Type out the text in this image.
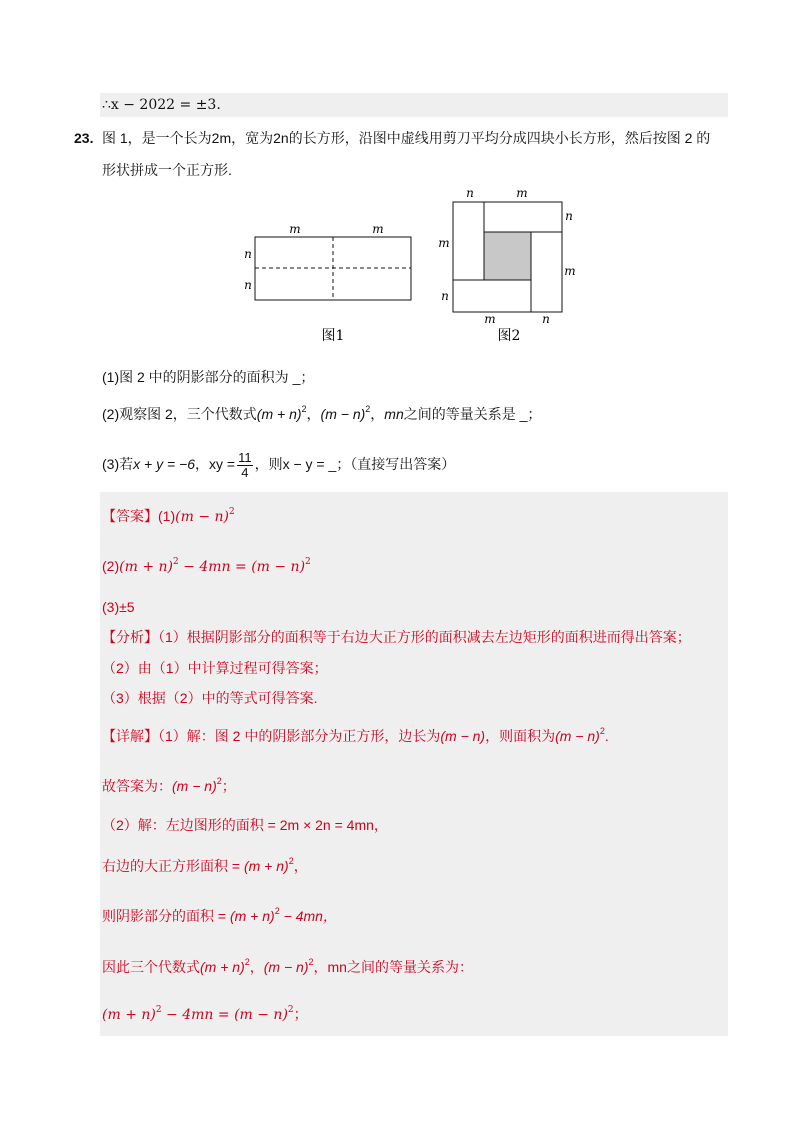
∴x − 2022 = ±3.
23. 图 1，是一个长为2m，宽为2n的长方形，沿图中虚线用剪刀平均分成四块小长方形，然后按图 2 的
形状拼成一个正方形.
m	m
n
n
图1
n	m
n
m
m
n
m	n
图2
(1)图 2 中的阴影部分的面积为 _；
(2)观察图 2，三个代数式$(m + n)^2$，$(m - n)^2$，mn之间的等量关系是 _；
(3)若x + y = −6，xy = $\frac{11}{4}$ ，则x − y = _；（直接写出答案）
【答案】$(1)(m - n)^2$
$(2)(m + n)^2 - 4mn = (m - n)^2$
(3)±5
【分析】（1）根据阴影部分的面积等于右边大正方形的面积减去左边矩形的面积进而得出答案；
（2）由（1）中计算过程可得答案；
（3）根据（2）中的等式可得答案.
【详解】（1）解：图 2 中的阴影部分为正方形，边长为(m − n)，则面积为$(m - n)^2$.
故答案为：$(m - n)^2$；
（2）解：左边图形的面积 = 2m × 2n = 4mn，
右边的大正方形面积 = $(m + n)^2$，
则阴影部分的面积 = $(m + n)^2 - 4mn$，
因此三个代数式$(m + n)^2$，$(m - n)^2$，mn之间的等量关系为：
$(m + n)^2 - 4mn = (m - n)^2$；
